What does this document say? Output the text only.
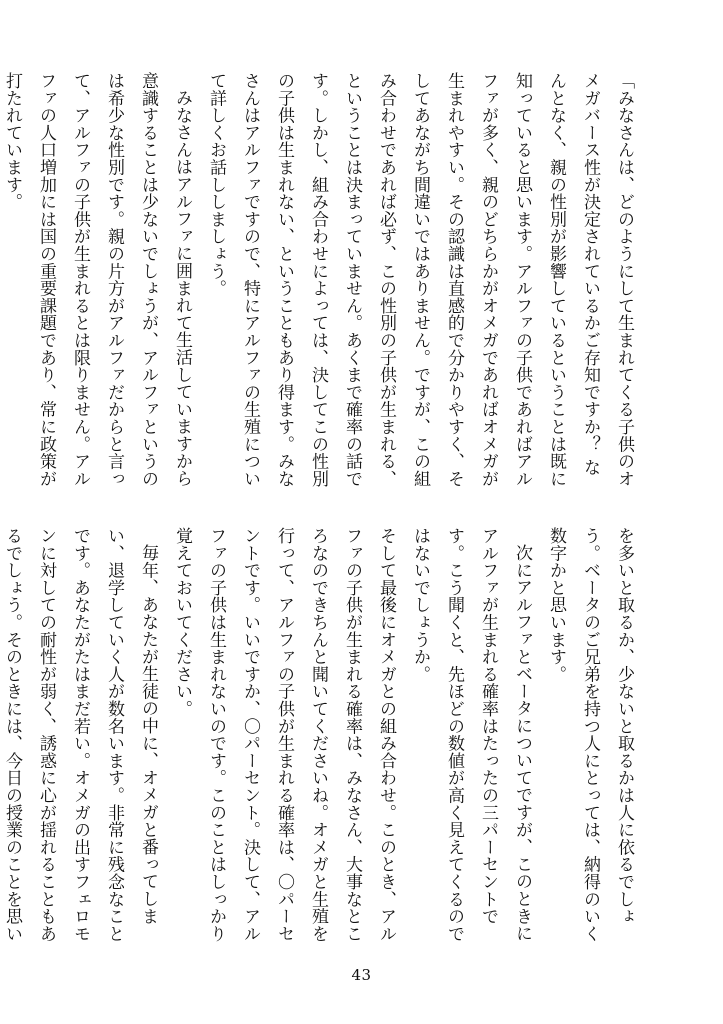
「みなさんは、どのようにして生まれてくる子供のオメガバース性が決定されているかご存知ですか？ なんとなく、親の性別が影響しているということは既に知っていると思います。アルファの子供であればアルファが多く、親のどちらかがオメガであればオメガが生まれやすい。その認識は直感的で分かりやすく、そしてあながち間違いではありません。ですが、この組み合わせであれば必ず、この性別の子供が生まれる、ということは決まっていません。あくまで確率の話です。しかし、組み合わせによっては、決してこの性別の子供は生まれない、ということもあり得ます。みなさんはアルファですので、特にアルファの生殖について詳しくお話ししましょう。

みなさんはアルファに囲まれて生活していますから意識することは少ないでしょうが、アルファというのは希少な性別です。親の片方がアルファだからと言って、アルファの子供が生まれるとは限りません。アルファの人口増加には国の重要課題であり、常に政策が打たれています。

を多いと取るか、少ないと取るかは人に依るでしょう。ベータのご兄弟を持つ人にとっては、納得のいく数字かと思います。

次にアルファとベータについてですが、このときにアルファが生まれる確率はたったの三パーセントです。こう聞くと、先ほどの数値が高く見えてくるのではないでしょうか。

そして最後にオメガとの組み合わせ。このとき、アルファの子供が生まれる確率は、みなさん、大事なところなのできちんと聞いてくださいね。オメガと生殖を行って、アルファの子供が生まれる確率は、〇パーセントです。いいですか、〇パーセント。決して、アルファの子供は生まれないのです。このことはしっかり覚えておいてください。

毎年、あなたが生徒の中に、オメガと番ってしまい、退学していく人が数名います。非常に残念なことです。あなたがたはまだ若い。オメガの出すフェロモンに対しての耐性が弱く、誘惑に心が揺れることもあるでしょう。そのときには、今日の授業のことを思い

43
